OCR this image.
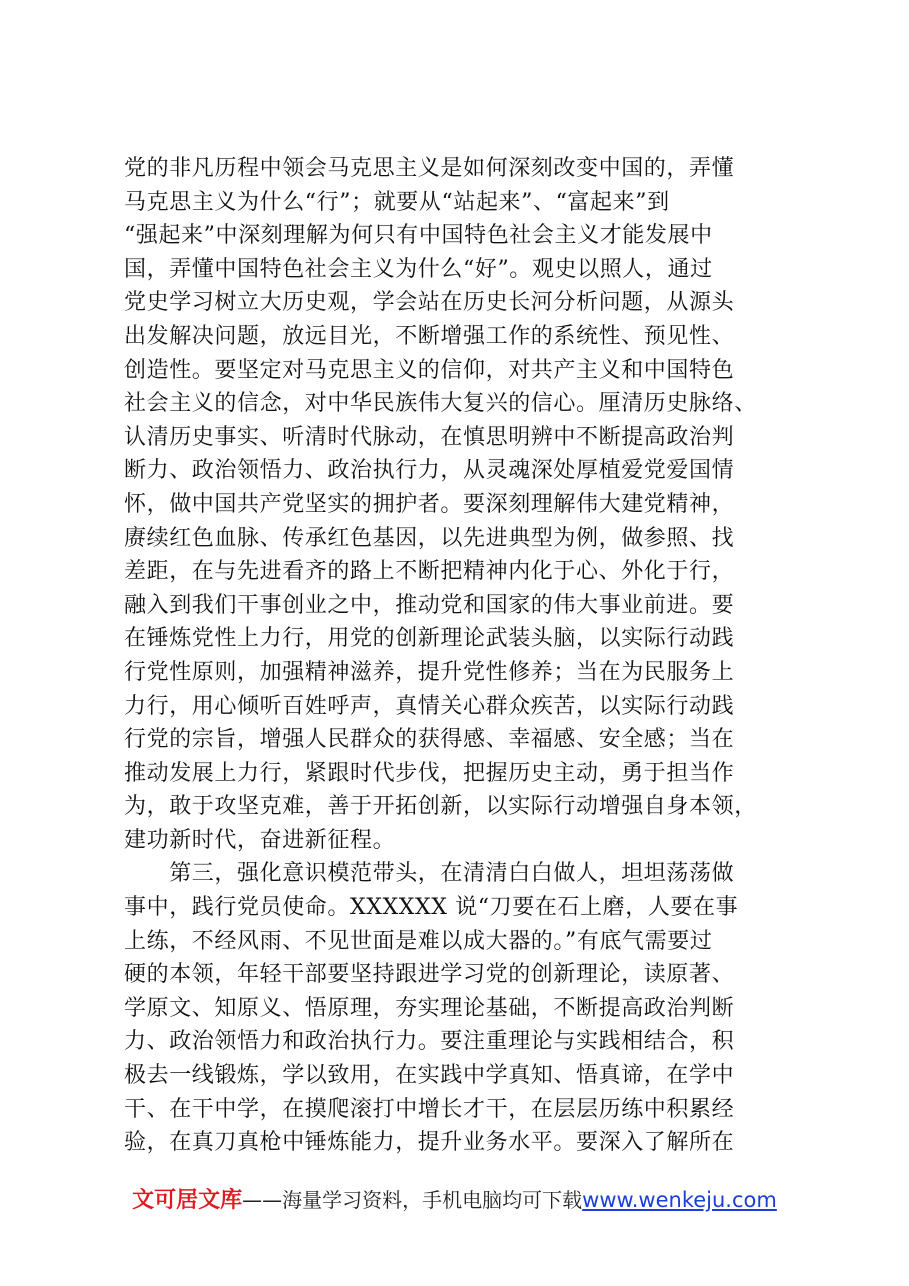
党的非凡历程中领会马克思主义是如何深刻改变中国的，弄懂
马克思主义为什么“行”；就要从“站起来”、“富起来”到
“强起来”中深刻理解为何只有中国特色社会主义才能发展中
国，弄懂中国特色社会主义为什么“好”。观史以照人，通过
党史学习树立大历史观，学会站在历史长河分析问题，从源头
出发解决问题，放远目光，不断增强工作的系统性、预见性、
创造性。要坚定对马克思主义的信仰，对共产主义和中国特色
社会主义的信念，对中华民族伟大复兴的信心。厘清历史脉络、
认清历史事实、听清时代脉动，在慎思明辨中不断提高政治判
断力、政治领悟力、政治执行力，从灵魂深处厚植爱党爱国情
怀，做中国共产党坚实的拥护者。要深刻理解伟大建党精神，
赓续红色血脉、传承红色基因，以先进典型为例，做参照、找
差距，在与先进看齐的路上不断把精神内化于心、外化于行，
融入到我们干事创业之中，推动党和国家的伟大事业前进。要
在锤炼党性上力行，用党的创新理论武装头脑，以实际行动践
行党性原则，加强精神滋养，提升党性修养；当在为民服务上
力行，用心倾听百姓呼声，真情关心群众疾苦，以实际行动践
行党的宗旨，增强人民群众的获得感、幸福感、安全感；当在
推动发展上力行，紧跟时代步伐，把握历史主动，勇于担当作
为，敢于攻坚克难，善于开拓创新，以实际行动增强自身本领，
建功新时代，奋进新征程。
　　第三，强化意识模范带头，在清清白白做人，坦坦荡荡做
事中，践行党员使命。XXXXXX 说“刀要在石上磨，人要在事
上练，不经风雨、不见世面是难以成大器的。”有底气需要过
硬的本领，年轻干部要坚持跟进学习党的创新理论，读原著、
学原文、知原义、悟原理，夯实理论基础，不断提高政治判断
力、政治领悟力和政治执行力。要注重理论与实践相结合，积
极去一线锻炼，学以致用，在实践中学真知、悟真谛，在学中
干、在干中学，在摸爬滚打中增长才干，在层层历练中积累经
验，在真刀真枪中锤炼能力，提升业务水平。要深入了解所在
文可居文库——海量学习资料，手机电脑均可下载www.wenkeju.com
